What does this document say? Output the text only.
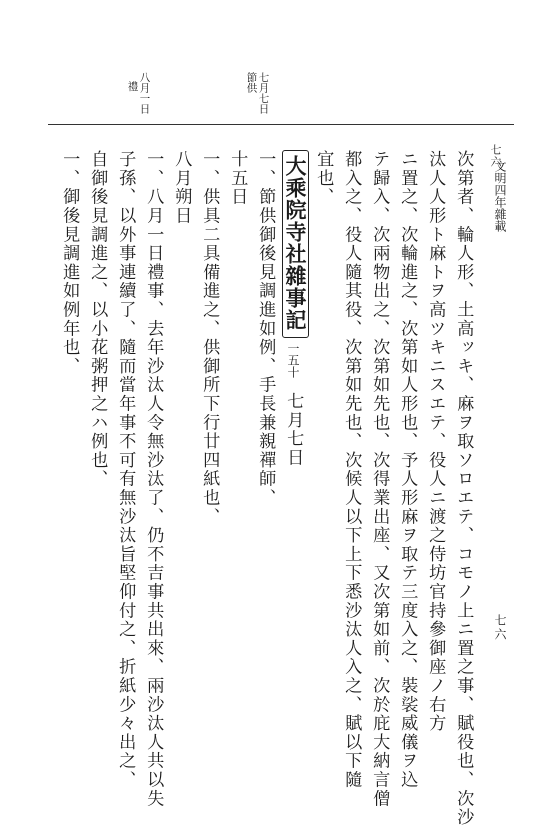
七六
七月七日
節供
八月一日
禮
文明四年雜載
七六
次第者、輪人形、土高ッキ、麻ヲ取ソロエテ、コモノ上ニ置之事、賦役也、次沙
汰人人形ト麻トヲ高ツキニスエテ、役人ニ渡之侍坊官持參御座ノ右方
ニ置之、次輪進之、次第如人形也、予人形麻ヲ取テ三度入之、裝裟威儀ヲ込
テ歸入、次兩物出之、次第如先也、次得業出座、又次第如前、次於庇大納言僧
都入之、役人隨其役、次第如先也、次候人以下上下悉沙汰人入之、賦以下隨
宜也、
大乘院寺社雜事記
一五十
七月七日
一、節供御後見調進如例、手長兼親禪師、
十五日
一、供具二具備進之、供御所下行廿四紙也、
八月朔日
一、八月一日禮事、去年沙汰人令無沙汰了、仍不吉事共出來、兩沙汰人共以失
子孫、以外事連續了、隨而當年事不可有無沙汰旨堅仰付之、折紙少々出之、
自御後見調進之、以小花粥押之ハ例也、
一、御後見調進如例年也、
